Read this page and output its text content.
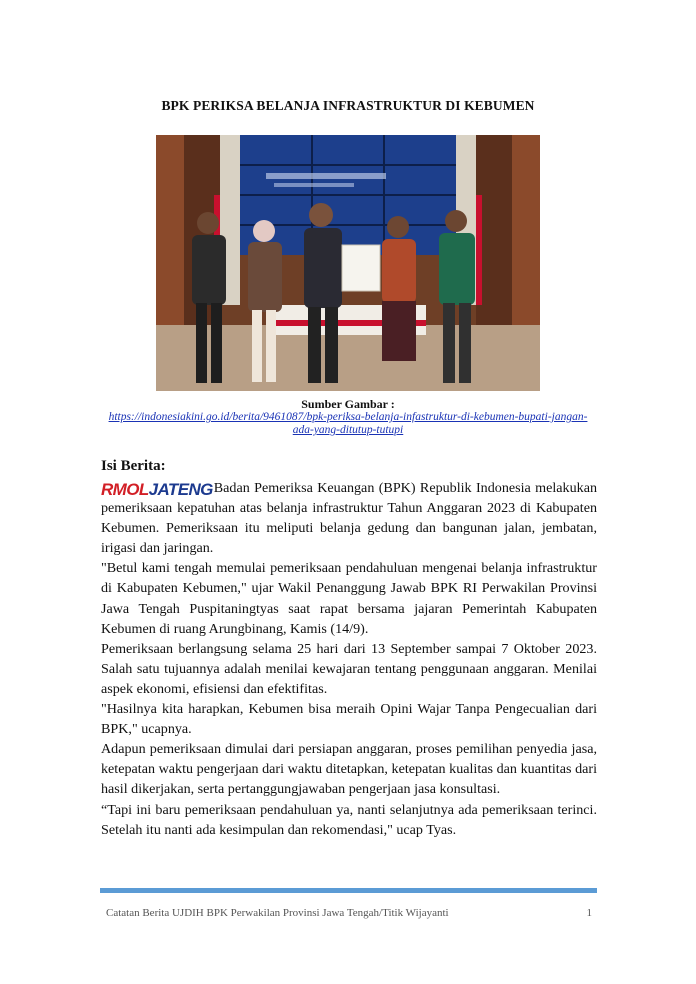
BPK PERIKSA BELANJA INFRASTRUKTUR DI KEBUMEN
Sumber Gambar :
https://indonesiakini.go.id/berita/9461087/bpk-periksa-belanja-infastruktur-di-kebumen-bupati-jangan-ada-yang-ditutup-tutupi
Isi Berita:

RMOLJATENGBadan Pemeriksa Keuangan (BPK) Republik Indonesia melakukan pemeriksaan kepatuhan atas belanja infrastruktur Tahun Anggaran 2023 di Kabupaten Kebumen. Pemeriksaan itu meliputi belanja gedung dan bangunan jalan, jembatan, irigasi dan jaringan.

"Betul kami tengah memulai pemeriksaan pendahuluan mengenai belanja infrastruktur di Kabupaten Kebumen," ujar Wakil Penanggung Jawab BPK RI Perwakilan Provinsi Jawa Tengah Puspitaningtyas saat rapat bersama jajaran Pemerintah Kabupaten Kebumen di ruang Arungbinang, Kamis (14/9).

Pemeriksaan berlangsung selama 25 hari dari 13 September sampai 7 Oktober 2023. Salah satu tujuannya adalah menilai kewajaran tentang penggunaan anggaran. Menilai aspek ekonomi, efisiensi dan efektifitas.

"Hasilnya kita harapkan, Kebumen bisa meraih Opini Wajar Tanpa Pengecualian dari BPK," ucapnya.

Adapun pemeriksaan dimulai dari persiapan anggaran, proses pemilihan penyedia jasa, ketepatan waktu pengerjaan dari waktu ditetapkan, ketepatan kualitas dan kuantitas dari hasil dikerjakan, serta pertanggungjawaban pengerjaan jasa konsultasi.

“Tapi ini baru pemeriksaan pendahuluan ya, nanti selanjutnya ada pemeriksaan terinci. Setelah itu nanti ada kesimpulan dan rekomendasi," ucap Tyas.

Catatan Berita UJDIH BPK Perwakilan Provinsi Jawa Tengah/Titik Wijayanti	1
